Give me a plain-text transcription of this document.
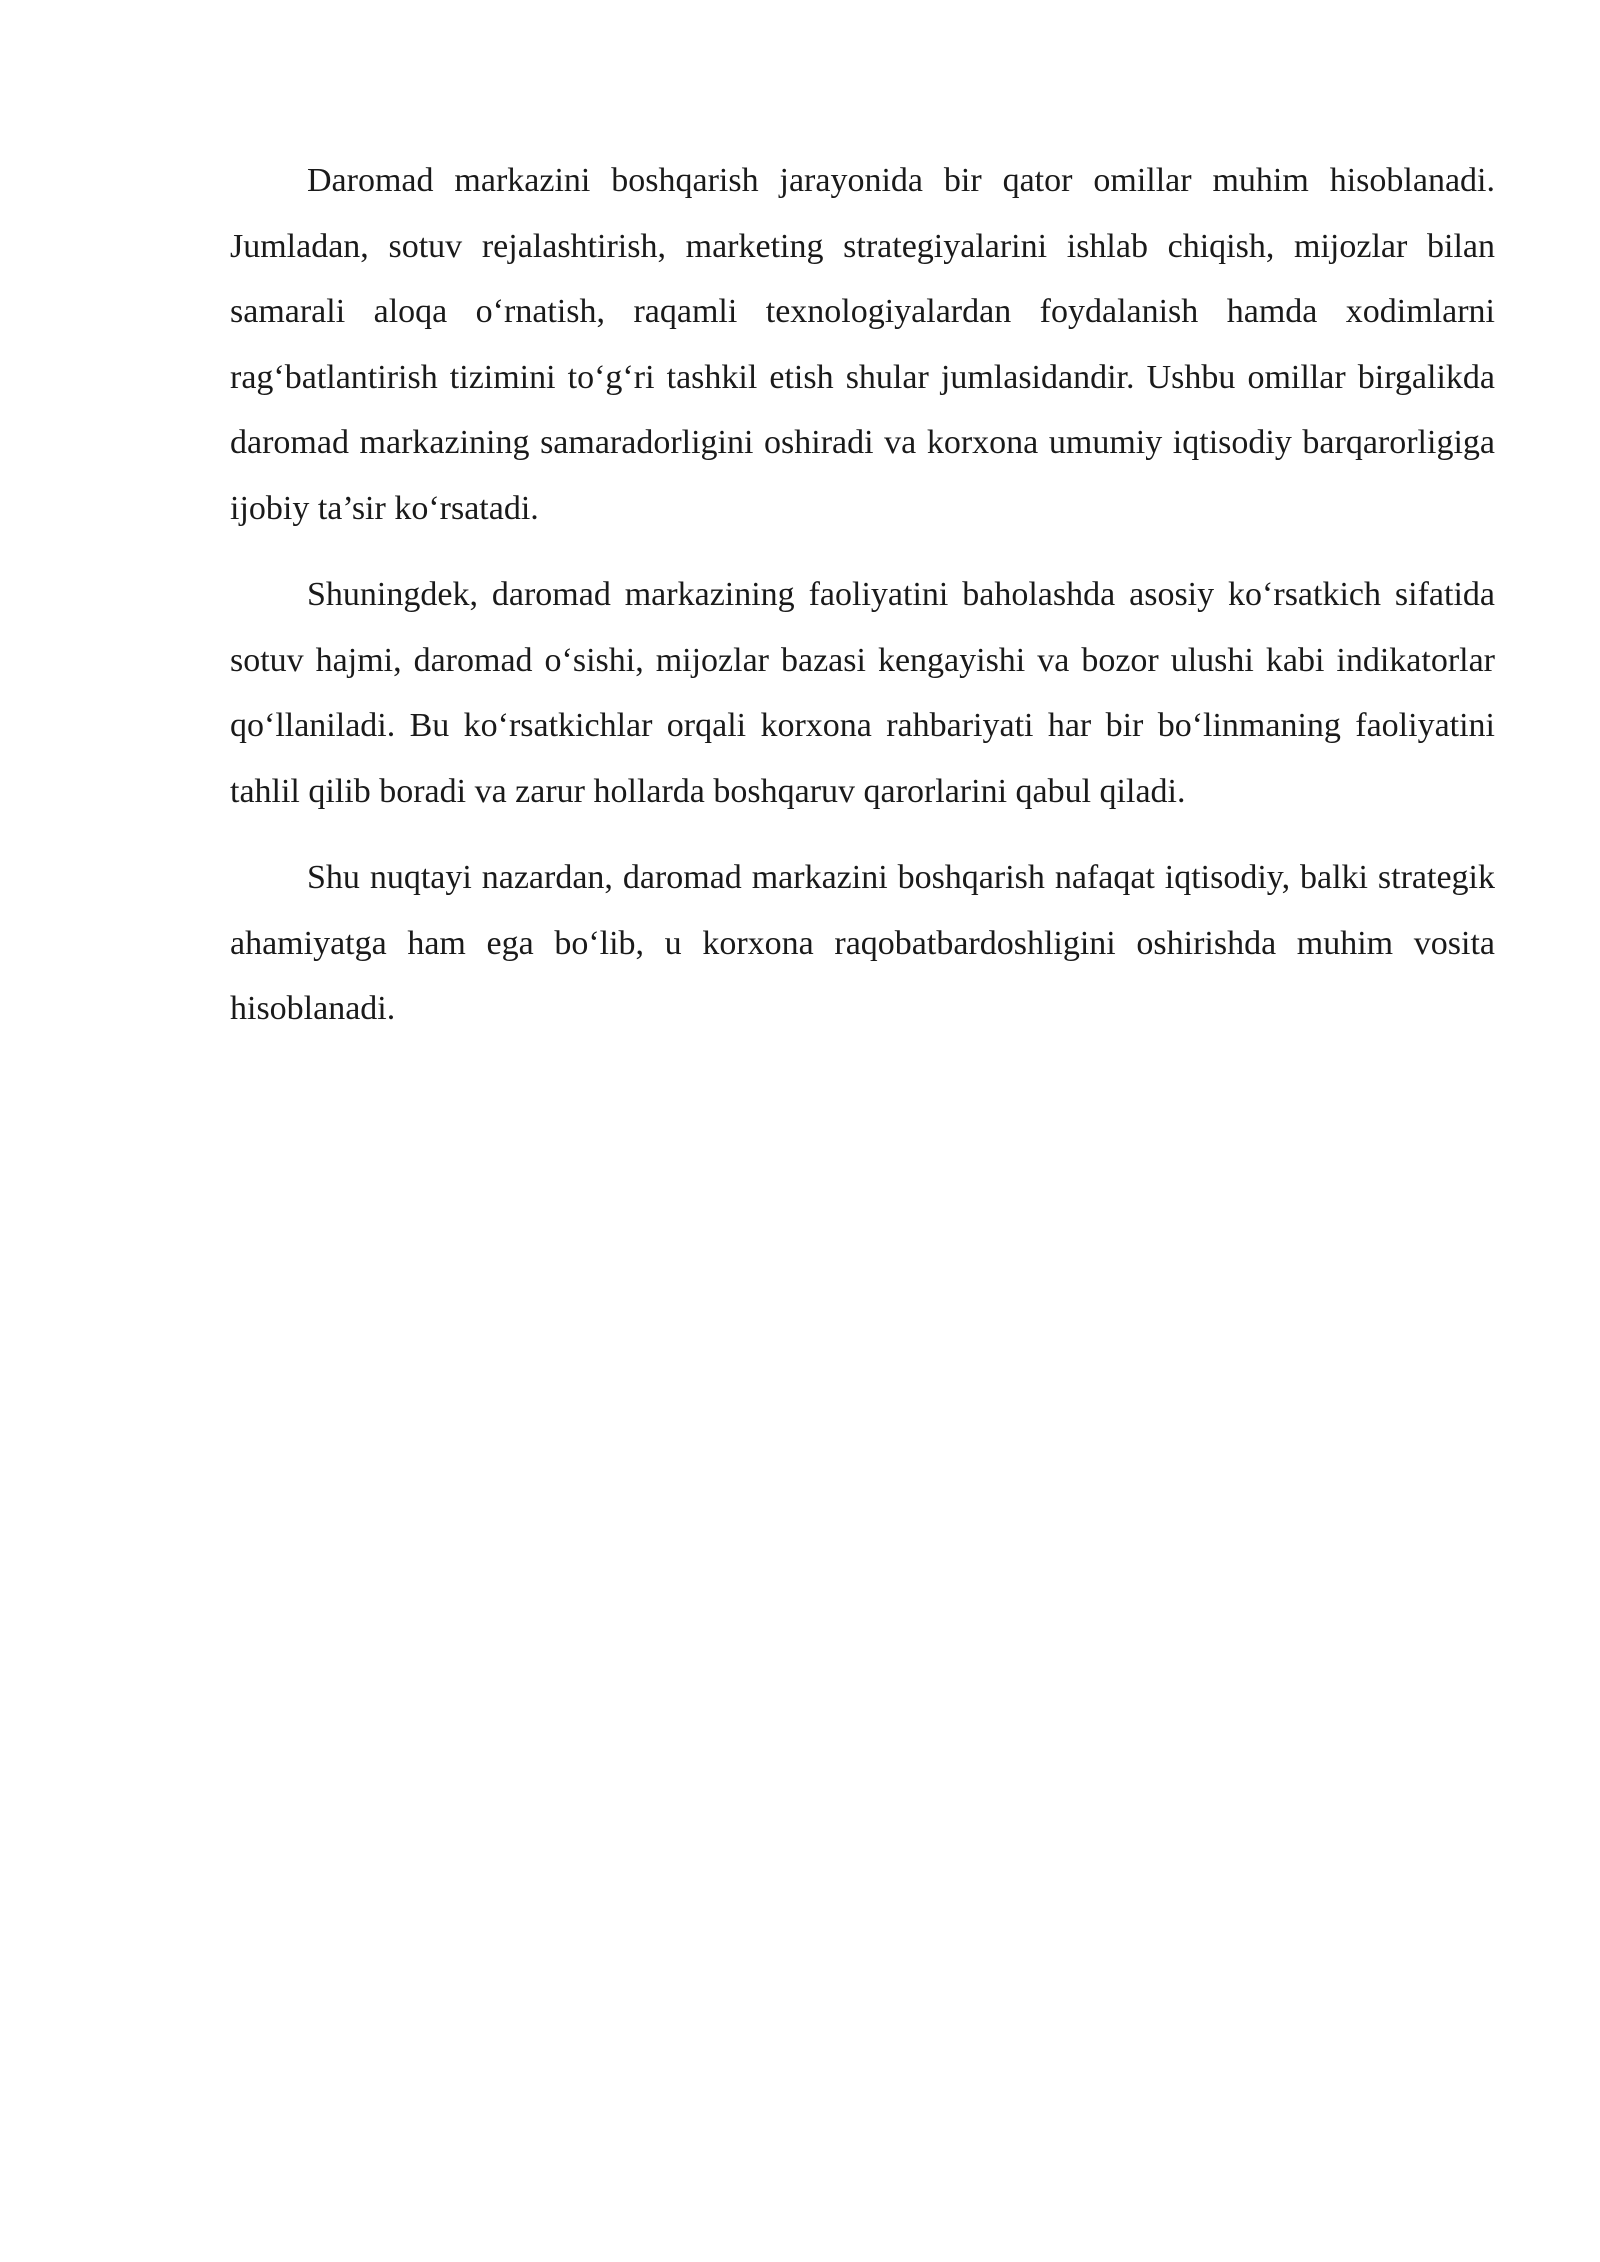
Daromad markazini boshqarish jarayonida bir qator omillar muhim hisoblanadi. Jumladan, sotuv rejalashtirish, marketing strategiyalarini ishlab chiqish, mijozlar bilan samarali aloqa o‘rnatish, raqamli texnologiyalardan foydalanish hamda xodimlarni rag‘batlantirish tizimini to‘g‘ri tashkil etish shular jumlasidandir. Ushbu omillar birgalikda daromad markazining samaradorligini oshiradi va korxona umumiy iqtisodiy barqarorligiga ijobiy ta’sir ko‘rsatadi.

Shuningdek, daromad markazining faoliyatini baholashda asosiy ko‘rsatkich sifatida sotuv hajmi, daromad o‘sishi, mijozlar bazasi kengayishi va bozor ulushi kabi indikatorlar qo‘llaniladi. Bu ko‘rsatkichlar orqali korxona rahbariyati har bir bo‘linmaning faoliyatini tahlil qilib boradi va zarur hollarda boshqaruv qarorlarini qabul qiladi.

Shu nuqtayi nazardan, daromad markazini boshqarish nafaqat iqtisodiy, balki strategik ahamiyatga ham ega bo‘lib, u korxona raqobatbardoshligini oshirishda muhim vosita hisoblanadi.
